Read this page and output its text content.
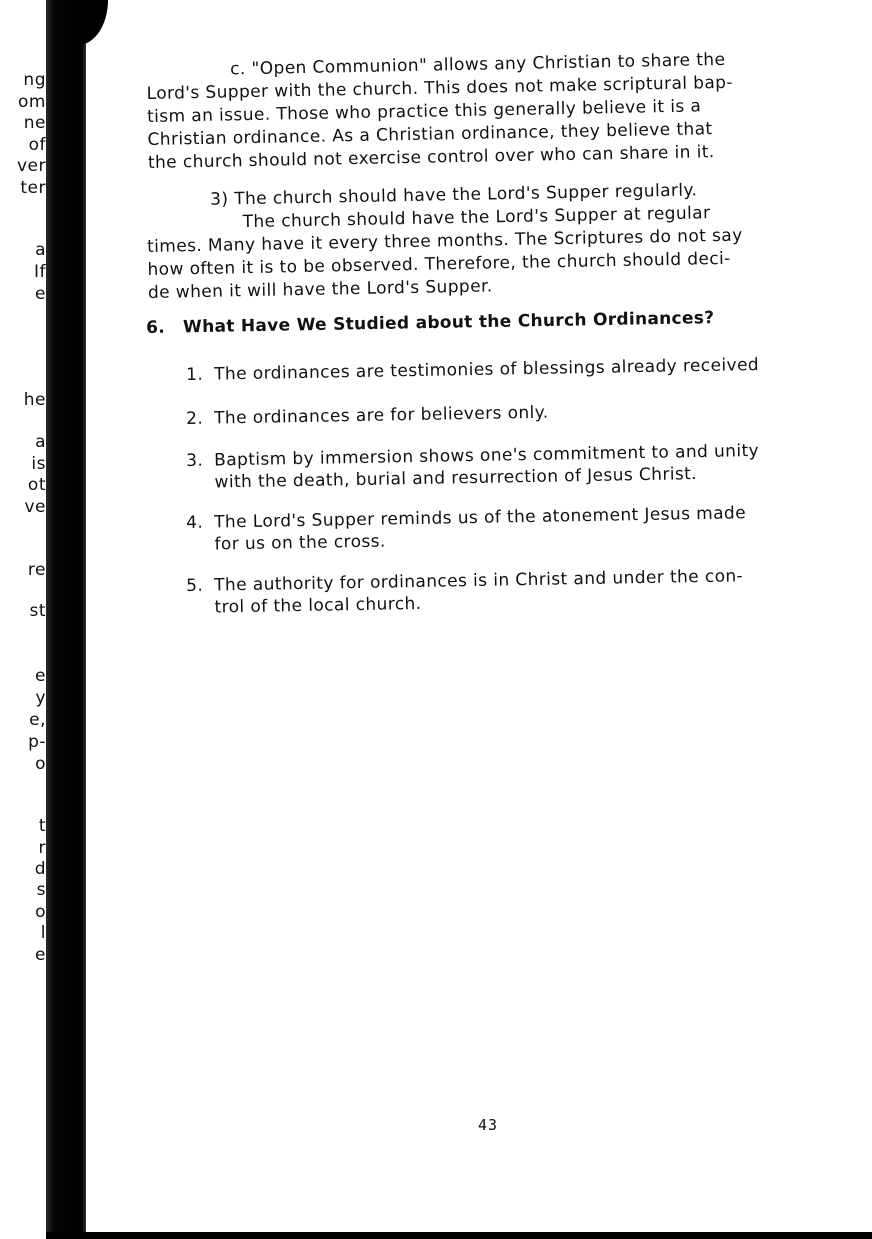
ng
om
ne
of
ver
ter
a
If
e
he
a
is
ot
ve
re
st
e
y
e,
p-
o
t
r
d
s
o
l
e

c. "Open Communion" allows any Christian to share the

Lord's Supper with the church. This does not make scriptural bap-

tism an issue. Those who practice this generally believe it is a

Christian ordinance. As a Christian ordinance, they believe that

the church should not exercise control over who can share in it.

3) The church should have the Lord's Supper regularly.

The church should have the Lord's Supper at regular

times. Many have it every three months. The Scriptures do not say

how often it is to be observed. Therefore, the church should deci-

de when it will have the Lord's Supper.

6. What Have We Studied about the Church Ordinances?
1. The ordinances are testimonies of blessings already received
2. The ordinances are for believers only.
3. Baptism by immersion shows one's commitment to and unity
with the death, burial and resurrection of Jesus Christ.
4. The Lord's Supper reminds us of the atonement Jesus made
for us on the cross.
5. The authority for ordinances is in Christ and under the con-
trol of the local church.
43
